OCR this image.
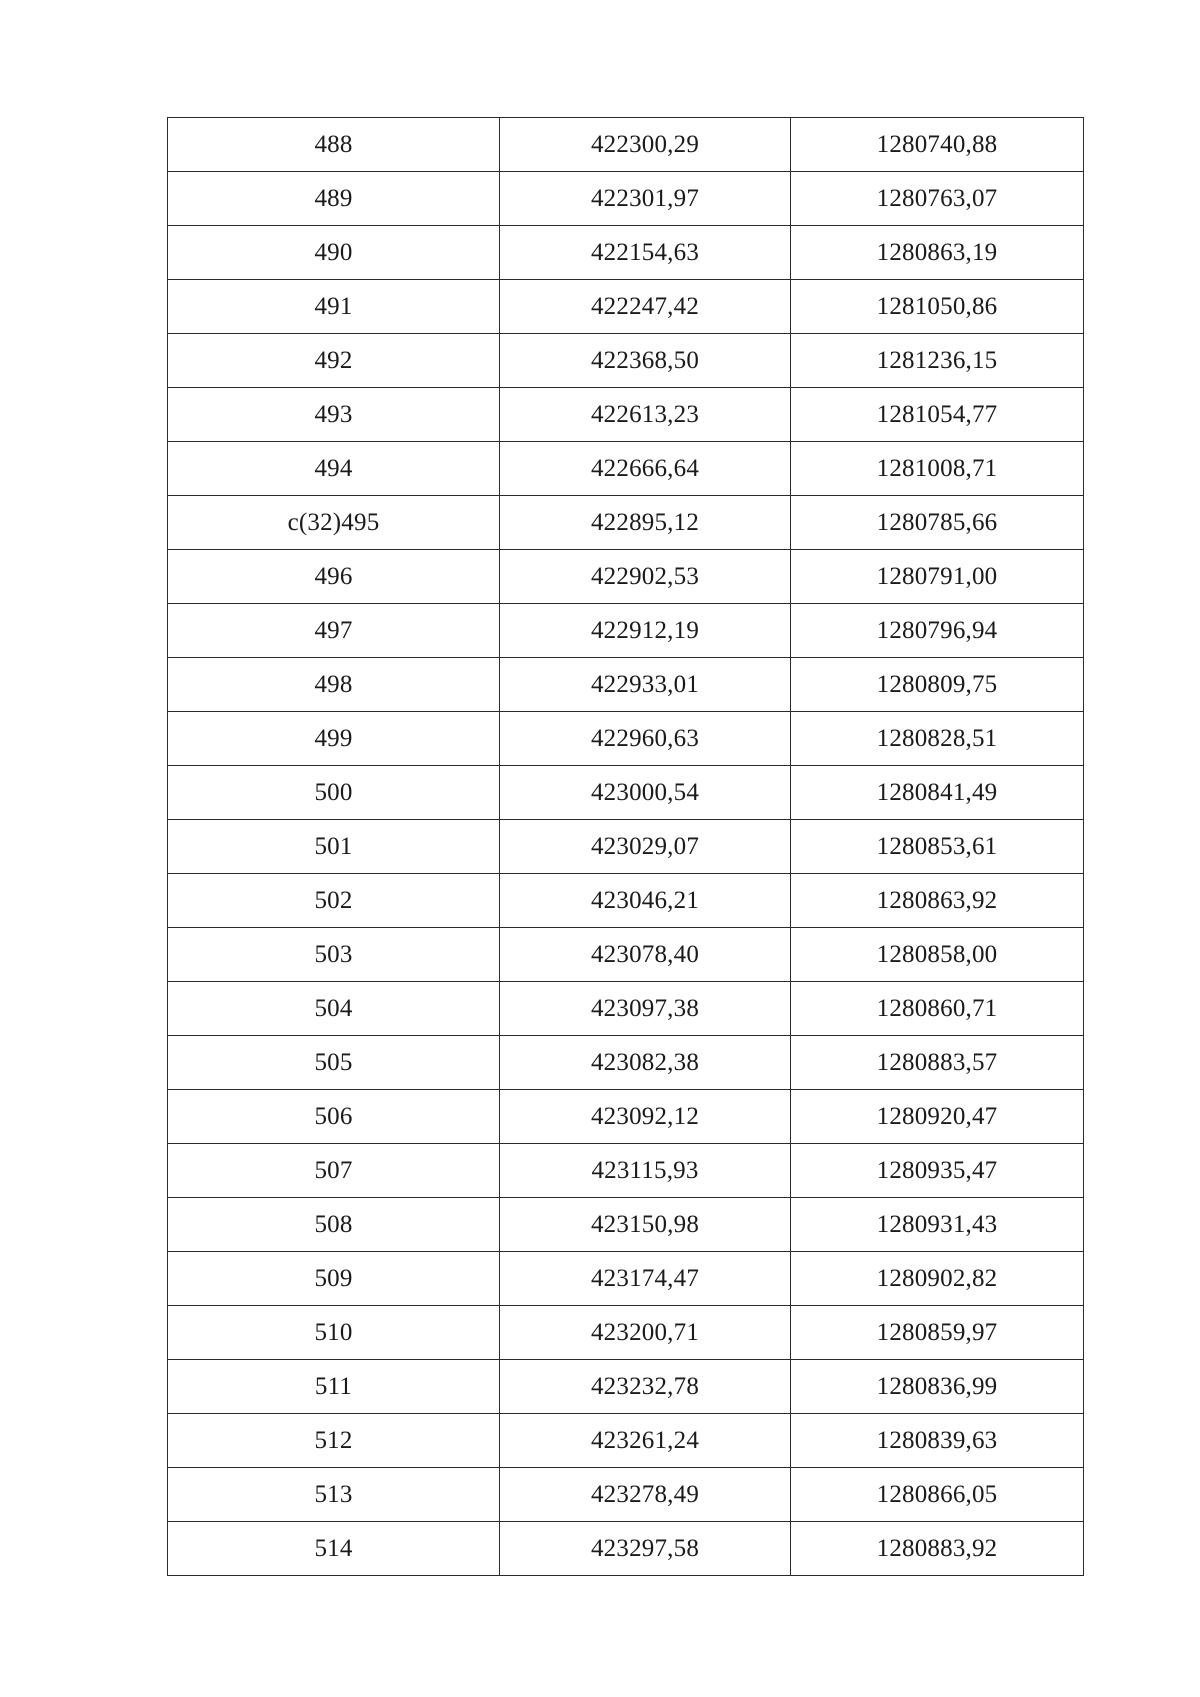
488	422300,29	1280740,88
489	422301,97	1280763,07
490	422154,63	1280863,19
491	422247,42	1281050,86
492	422368,50	1281236,15
493	422613,23	1281054,77
494	422666,64	1281008,71
c(32)495	422895,12	1280785,66
496	422902,53	1280791,00
497	422912,19	1280796,94
498	422933,01	1280809,75
499	422960,63	1280828,51
500	423000,54	1280841,49
501	423029,07	1280853,61
502	423046,21	1280863,92
503	423078,40	1280858,00
504	423097,38	1280860,71
505	423082,38	1280883,57
506	423092,12	1280920,47
507	423115,93	1280935,47
508	423150,98	1280931,43
509	423174,47	1280902,82
510	423200,71	1280859,97
511	423232,78	1280836,99
512	423261,24	1280839,63
513	423278,49	1280866,05
514	423297,58	1280883,92
